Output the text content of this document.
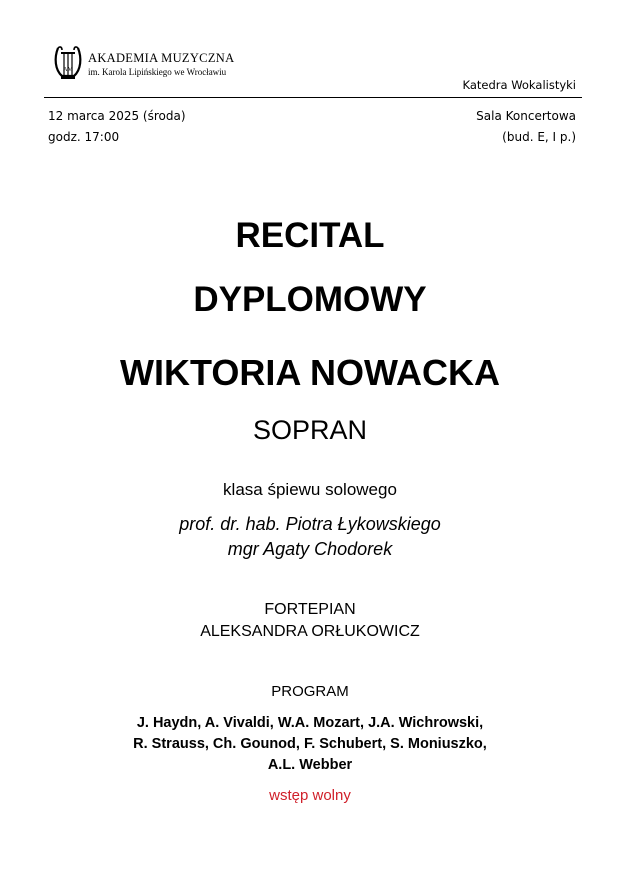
AM
AKADEMIA MUZYCZNA
im. Karola Lipińskiego we Wrocławiu
Katedra Wokalistyki
12 marca 2025 (środa)
godz. 17:00
Sala Koncertowa
(bud. E, I p.)
RECITAL
DYPLOMOWY
WIKTORIA NOWACKA
SOPRAN
klasa śpiewu solowego
prof. dr. hab. Piotra Łykowskiego
mgr Agaty Chodorek
FORTEPIAN
ALEKSANDRA ORŁUKOWICZ
PROGRAM
J. Haydn, A. Vivaldi, W.A. Mozart, J.A. Wichrowski,
R. Strauss, Ch. Gounod, F. Schubert, S. Moniuszko,
A.L. Webber
wstęp wolny
